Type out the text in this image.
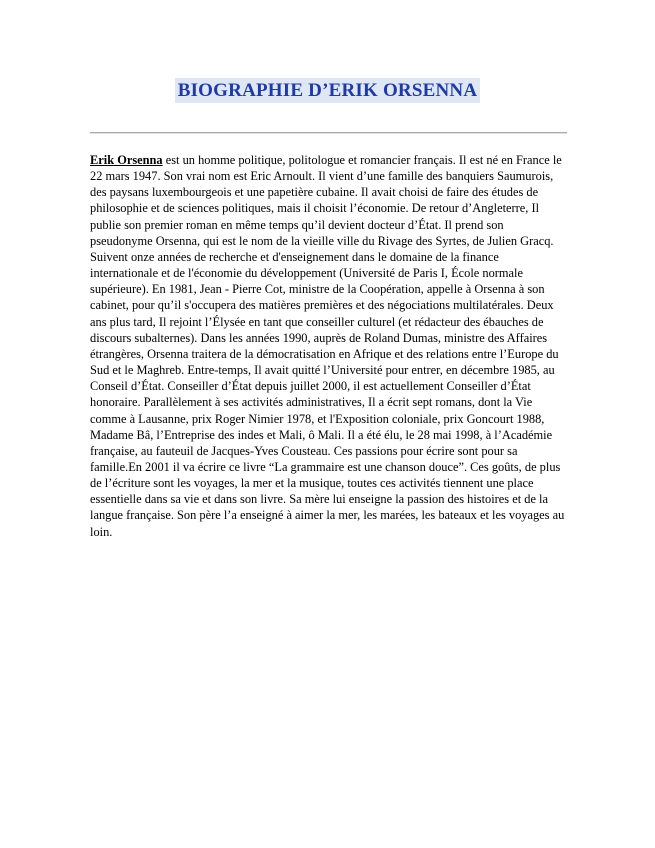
BIOGRAPHIE D’ERIK ORSENNA

Erik Orsenna est un homme politique, politologue et romancier français. Il est né en France le 22 mars 1947. Son vrai nom est Eric Arnoult. Il vient d’une famille des banquiers Saumurois, des paysans luxembourgeois et une papetière cubaine. Il avait choisi de faire des études de philosophie et de sciences politiques, mais il choisit l’économie. De retour d’Angleterre, Il publie son premier roman en même temps qu’il devient docteur d’État. Il prend son pseudonyme Orsenna, qui est le nom de la vieille ville du Rivage des Syrtes, de Julien Gracq. Suivent onze années de recherche et d'enseignement dans le domaine de la finance internationale et de l'économie du développement (Université de Paris I, École normale supérieure). En 1981, Jean - Pierre Cot, ministre de la Coopération, appelle à Orsenna à son cabinet, pour qu’il s'occupera des matières premières et des négociations multilatérales. Deux ans plus tard, Il rejoint l’Élysée en tant que conseiller culturel (et rédacteur des ébauches de discours subalternes). Dans les années 1990, auprès de Roland Dumas, ministre des Affaires étrangères, Orsenna traitera de la démocratisation en Afrique et des relations entre l’Europe du Sud et le Maghreb. Entre-temps, Il avait quitté l’Université pour entrer, en décembre 1985, au Conseil d’État. Conseiller d’État depuis juillet 2000, il est actuellement Conseiller d’État honoraire. Parallèlement à ses activités administratives, Il a écrit sept romans, dont la Vie comme à Lausanne, prix Roger Nimier 1978, et l'Exposition coloniale, prix Goncourt 1988, Madame Bâ, l’Entreprise des indes et Mali, ô Mali. Il a été élu, le 28 mai 1998, à l’Académie française, au fauteuil de Jacques-Yves Cousteau. Ces passions pour écrire sont pour sa famille.En 2001 il va écrire ce livre “La grammaire est une chanson douce”. Ces goûts, de plus de l’écriture sont les voyages, la mer et la musique, toutes ces activités tiennent une place essentielle dans sa vie et dans son livre. Sa mère lui enseigne la passion des histoires et de la langue française. Son père l’a enseigné à aimer la mer, les marées, les bateaux et les voyages au loin.
